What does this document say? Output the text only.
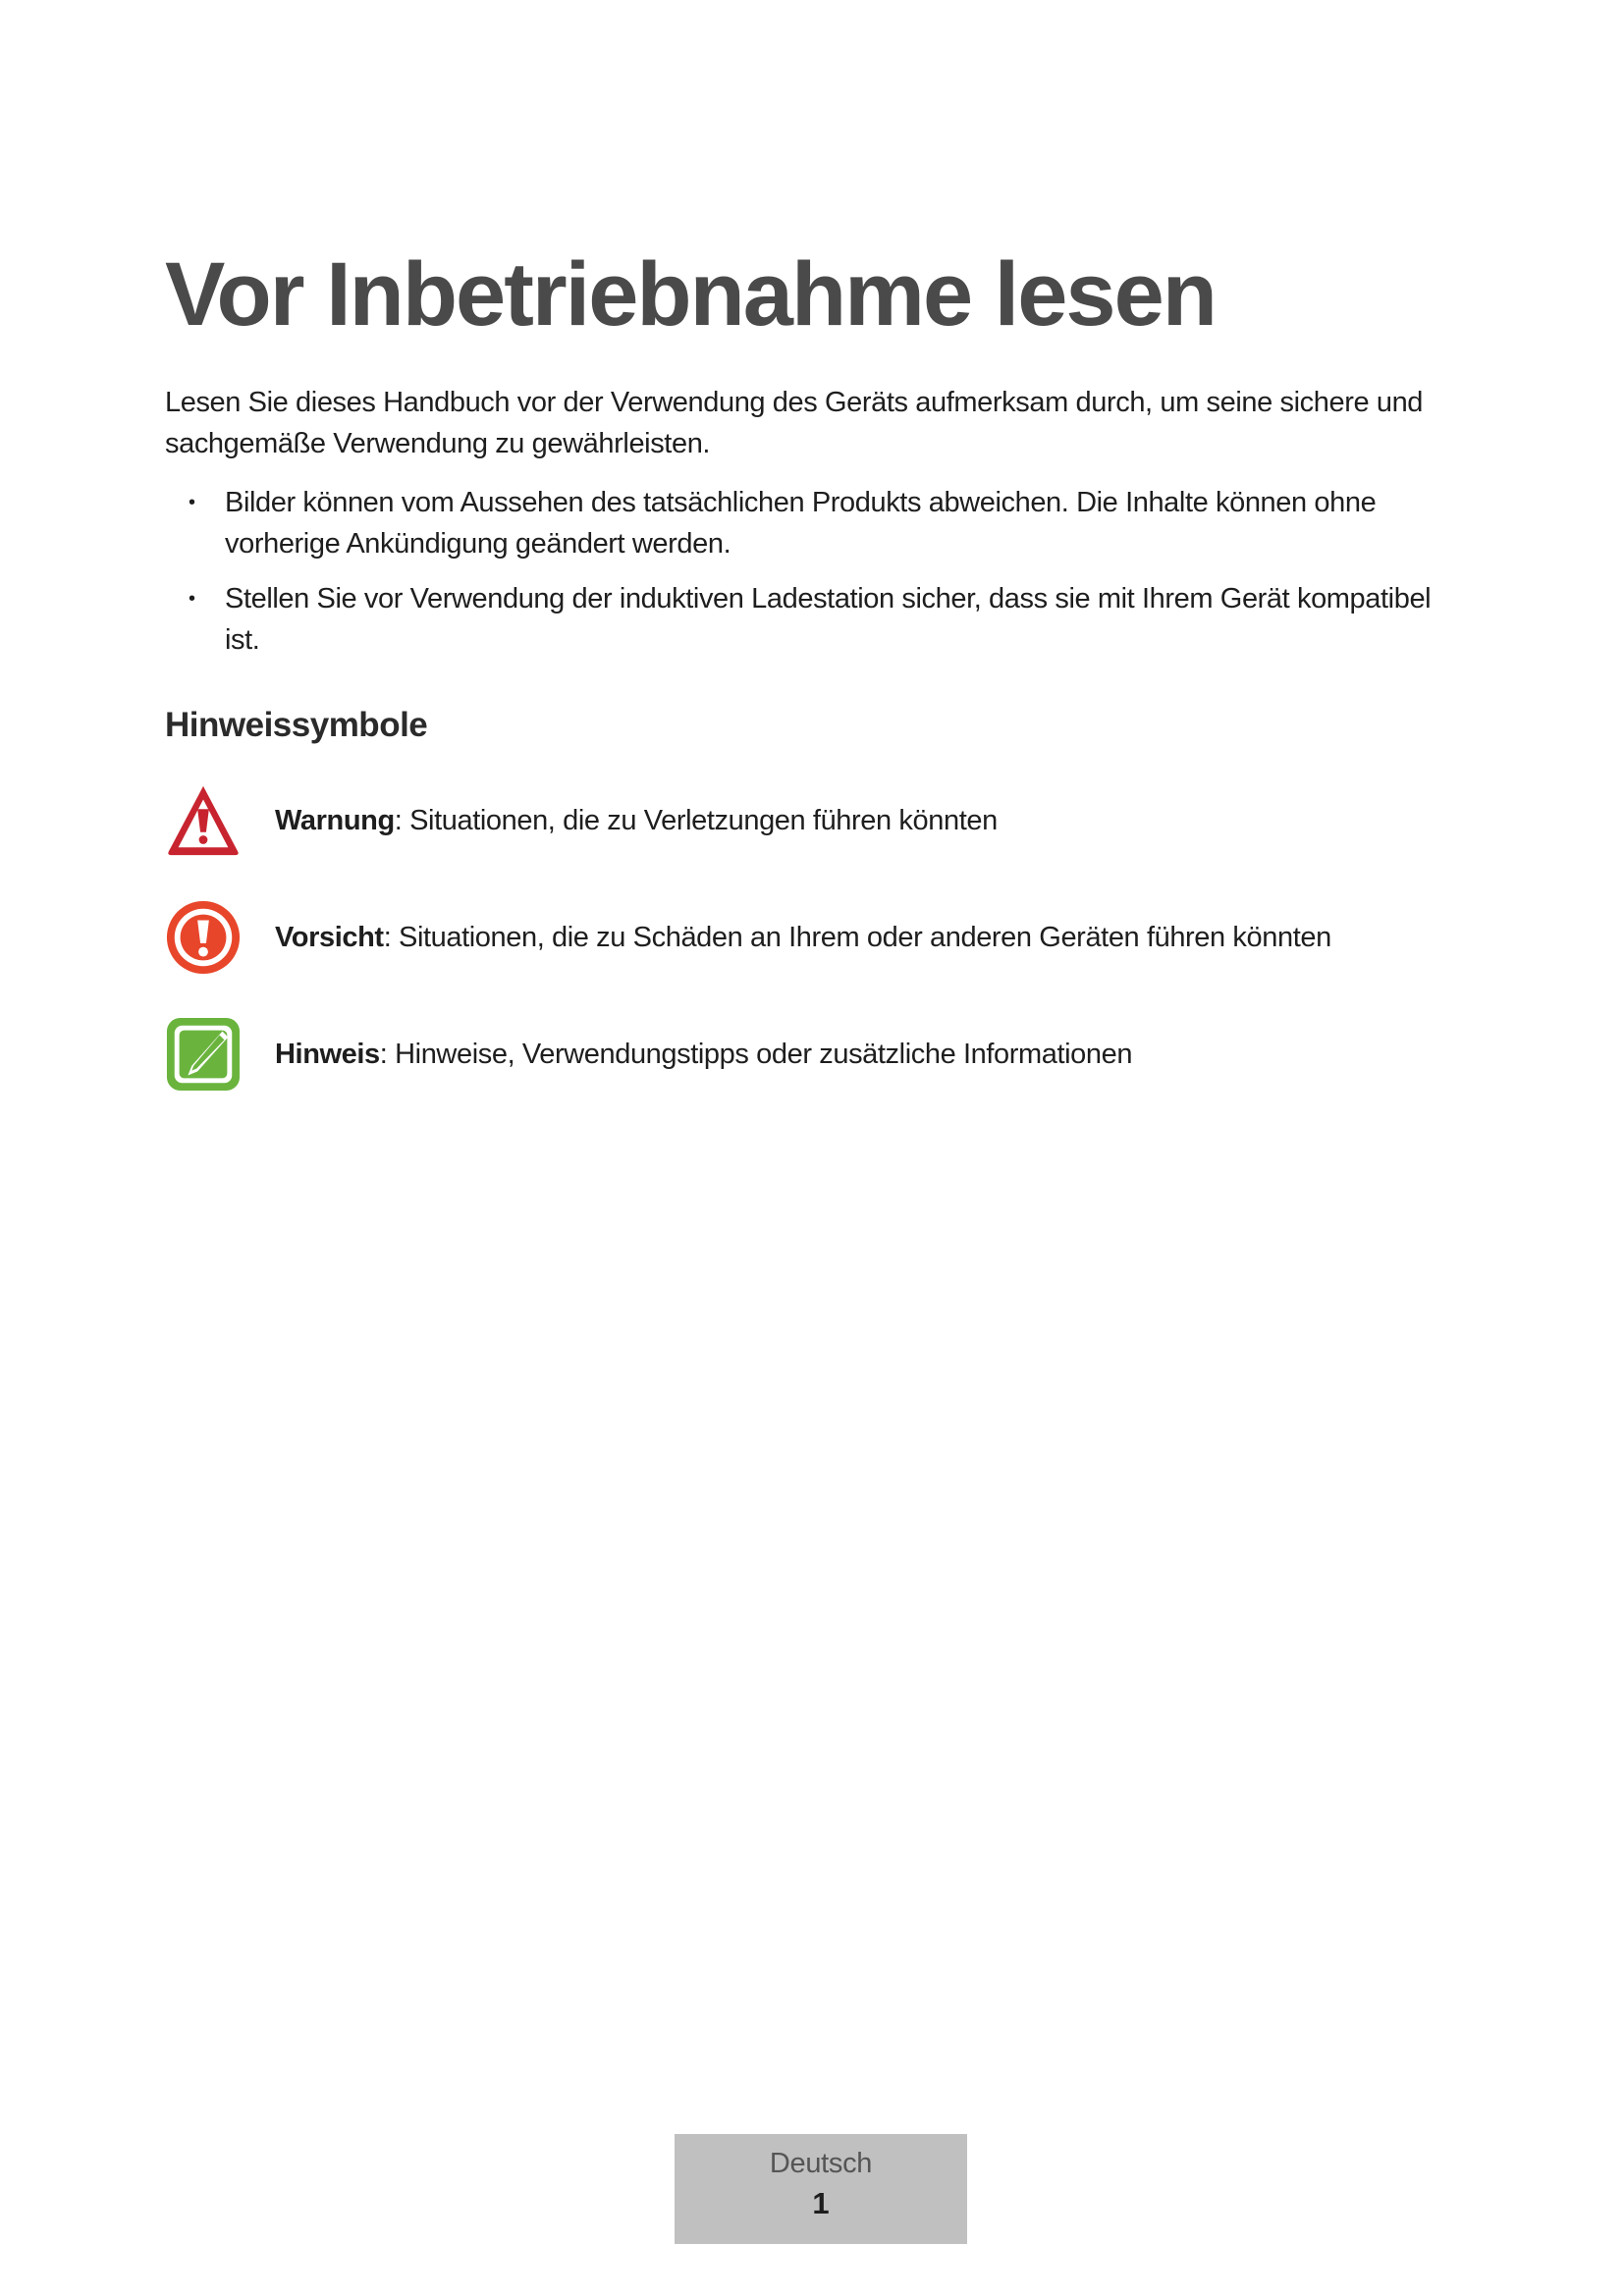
Vor Inbetriebnahme lesen

Lesen Sie dieses Handbuch vor der Verwendung des Geräts aufmerksam durch, um seine sichere und sachgemäße Verwendung zu gewährleisten.

• Bilder können vom Aussehen des tatsächlichen Produkts abweichen. Die Inhalte können ohne vorherige Ankündigung geändert werden.
• Stellen Sie vor Verwendung der induktiven Ladestation sicher, dass sie mit Ihrem Gerät kompatibel ist.
Hinweissymbole
Warnung: Situationen, die zu Verletzungen führen könnten
Vorsicht: Situationen, die zu Schäden an Ihrem oder anderen Geräten führen könnten
Hinweis: Hinweise, Verwendungstipps oder zusätzliche Informationen
Deutsch
1
